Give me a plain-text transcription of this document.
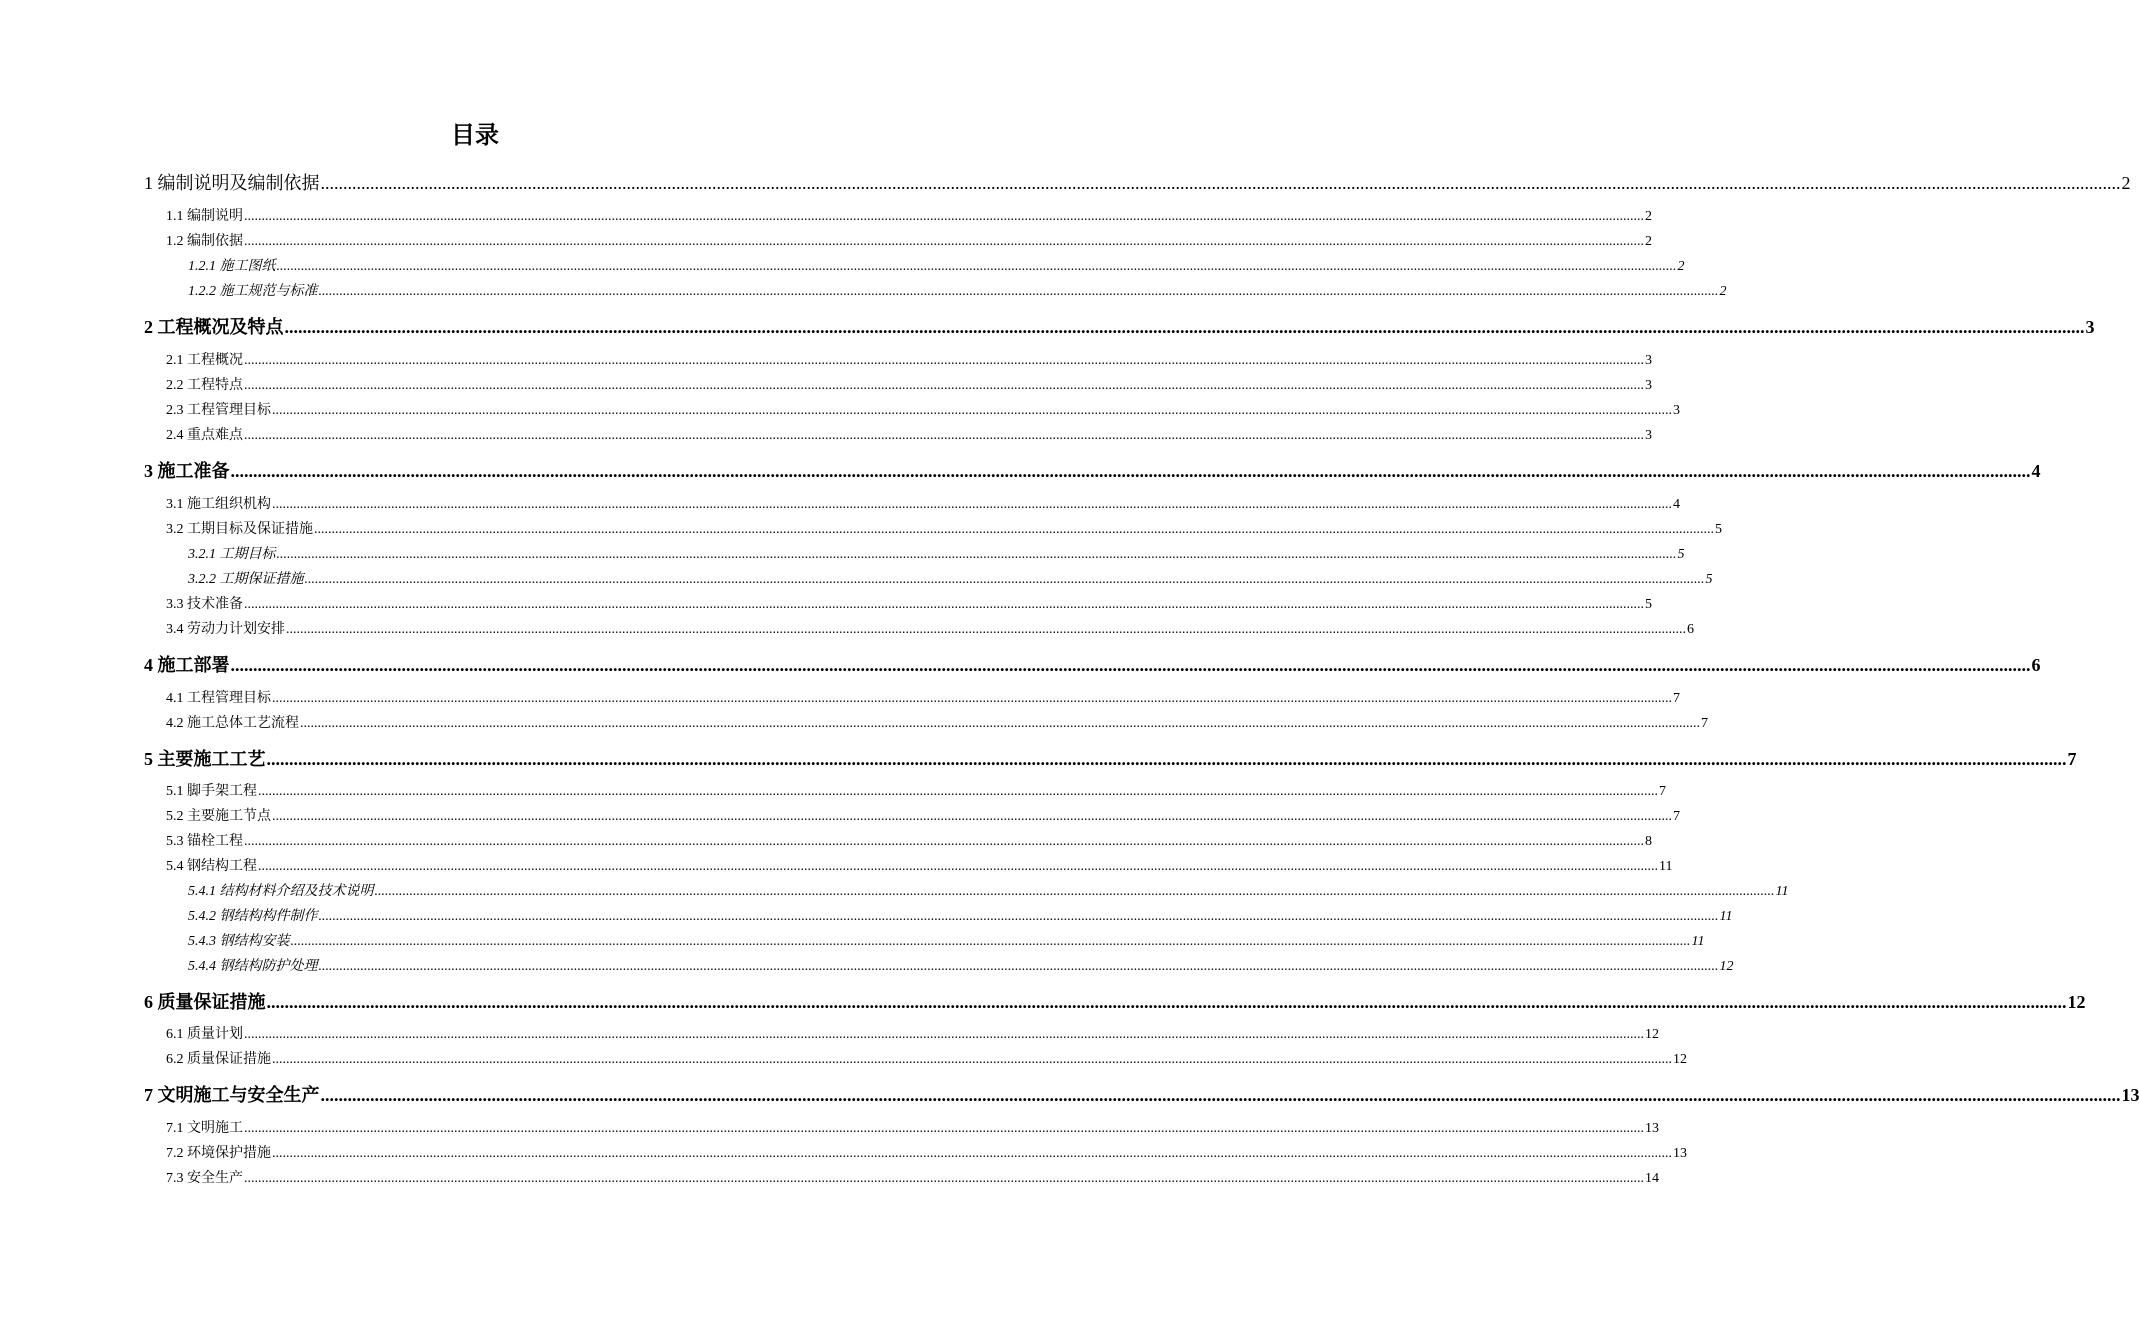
目录
1 编制说明及编制依据 ................................................................................................................................................................................................................................................................................................................................................................................................................ 2
1.1 编制说明 ................................................................................................................................................................................................................................................................................................................................................................................................................ 2
1.2 编制依据 ................................................................................................................................................................................................................................................................................................................................................................................................................ 2
1.2.1 施工图纸 ................................................................................................................................................................................................................................................................................................................................................................................................................ 2
1.2.2 施工规范与标准 ................................................................................................................................................................................................................................................................................................................................................................................................................ 2
2 工程概况及特点 ................................................................................................................................................................................................................................................................................................................................................................................................................ 3
2.1 工程概况 ................................................................................................................................................................................................................................................................................................................................................................................................................ 3
2.2 工程特点 ................................................................................................................................................................................................................................................................................................................................................................................................................ 3
2.3 工程管理目标 ................................................................................................................................................................................................................................................................................................................................................................................................................ 3
2.4 重点难点 ................................................................................................................................................................................................................................................................................................................................................................................................................ 3
3 施工准备 ................................................................................................................................................................................................................................................................................................................................................................................................................ 4
3.1 施工组织机构 ................................................................................................................................................................................................................................................................................................................................................................................................................ 4
3.2 工期目标及保证措施 ................................................................................................................................................................................................................................................................................................................................................................................................................ 5
3.2.1 工期目标 ................................................................................................................................................................................................................................................................................................................................................................................................................ 5
3.2.2 工期保证措施 ................................................................................................................................................................................................................................................................................................................................................................................................................ 5
3.3 技术准备 ................................................................................................................................................................................................................................................................................................................................................................................................................ 5
3.4 劳动力计划安排 ................................................................................................................................................................................................................................................................................................................................................................................................................ 6
4 施工部署 ................................................................................................................................................................................................................................................................................................................................................................................................................ 6
4.1 工程管理目标 ................................................................................................................................................................................................................................................................................................................................................................................................................ 7
4.2 施工总体工艺流程 ................................................................................................................................................................................................................................................................................................................................................................................................................ 7
5 主要施工工艺 ................................................................................................................................................................................................................................................................................................................................................................................................................ 7
5.1 脚手架工程 ................................................................................................................................................................................................................................................................................................................................................................................................................ 7
5.2 主要施工节点 ................................................................................................................................................................................................................................................................................................................................................................................................................ 7
5.3 锚栓工程 ................................................................................................................................................................................................................................................................................................................................................................................................................ 8
5.4 钢结构工程 ................................................................................................................................................................................................................................................................................................................................................................................................................ 11
5.4.1 结构材料介绍及技术说明 ................................................................................................................................................................................................................................................................................................................................................................................................................ 11
5.4.2 钢结构构件制作 ................................................................................................................................................................................................................................................................................................................................................................................................................ 11
5.4.3 钢结构安装 ................................................................................................................................................................................................................................................................................................................................................................................................................ 11
5.4.4 钢结构防护处理 ................................................................................................................................................................................................................................................................................................................................................................................................................ 12
6 质量保证措施 ................................................................................................................................................................................................................................................................................................................................................................................................................ 12
6.1 质量计划 ................................................................................................................................................................................................................................................................................................................................................................................................................ 12
6.2 质量保证措施 ................................................................................................................................................................................................................................................................................................................................................................................................................ 12
7 文明施工与安全生产 ................................................................................................................................................................................................................................................................................................................................................................................................................ 13
7.1 文明施工 ................................................................................................................................................................................................................................................................................................................................................................................................................ 13
7.2 环境保护措施 ................................................................................................................................................................................................................................................................................................................................................................................................................ 13
7.3 安全生产 ................................................................................................................................................................................................................................................................................................................................................................................................................ 14
